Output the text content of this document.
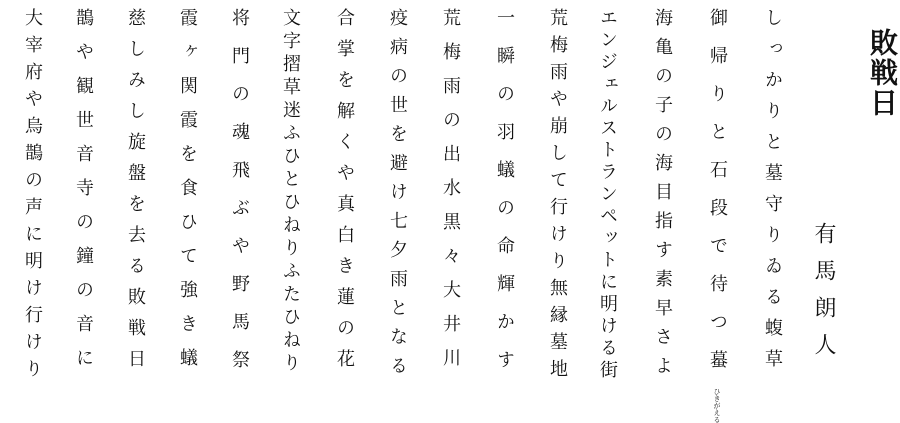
敗戦日
有馬朗人
しっかりと墓守りゐる蝮草
御帰りと石段で待つ蟇ひきがえる
海亀の子の海目指す素早さよ
エンジェルストランペットに明ける街
荒梅雨や崩して行けり無縁墓地
一瞬の羽蟻の命輝かす
荒梅雨の出水黒々大井川
疫病の世を避け七夕雨となる
合掌を解くや真白き蓮の花
文字摺草迷ふひとひねりふたひねり
将門の魂飛ぶや野馬祭
霞ヶ関霞を食ひて強き蟻
慈しみし旋盤を去る敗戦日
鵲や観世音寺の鐘の音に
大宰府や烏鵲の声に明け行けり
